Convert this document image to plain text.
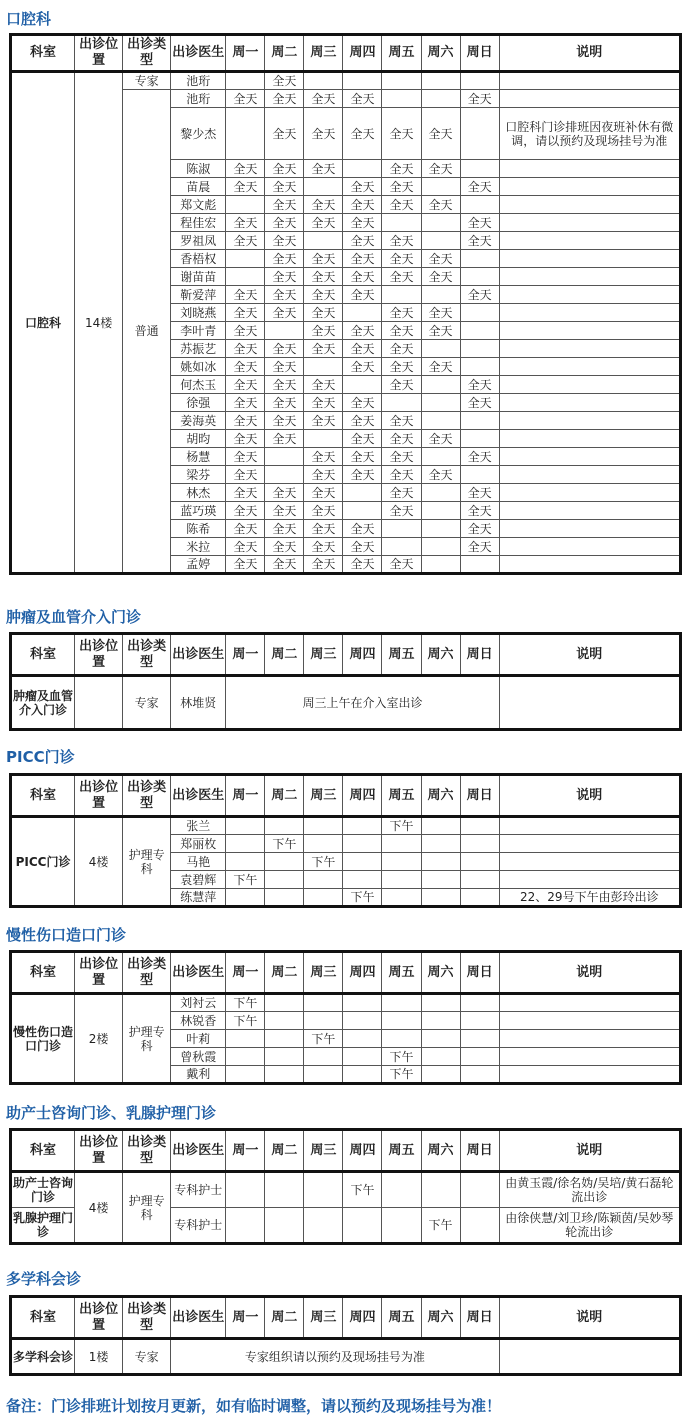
口腔科
科室	出诊位置	出诊类型	出诊医生	周一	周二	周三	周四	周五	周六	周日	说明
口腔科	14楼	专家	池珩		全天						
		普通	池珩	全天	全天	全天	全天			全天	
			黎少杰		全天	全天	全天	全天	全天		口腔科门诊排班因夜班补休有微调，请以预约及现场挂号为准
			陈淑	全天	全天	全天		全天	全天		
			苗晨	全天	全天		全天	全天		全天	
			郑文彪		全天	全天	全天	全天	全天		
			程佳宏	全天	全天	全天	全天			全天	
			罗祖凤	全天	全天		全天	全天		全天	
			香梧权		全天	全天	全天	全天	全天		
			谢苗苗		全天	全天	全天	全天	全天		
			靳爱萍	全天	全天	全天	全天			全天	
			刘晓燕	全天	全天	全天		全天	全天		
			李叶青	全天		全天	全天	全天	全天		
			苏振艺	全天	全天	全天	全天	全天			
			姚如冰	全天	全天		全天	全天	全天		
			何杰玉	全天	全天	全天		全天		全天	
			徐强	全天	全天	全天	全天			全天	
			姜海英	全天	全天	全天	全天	全天			
			胡昀	全天	全天		全天	全天	全天		
			杨慧	全天		全天	全天	全天		全天	
			梁芬	全天		全天	全天	全天	全天		
			林杰	全天	全天	全天		全天		全天	
			蓝巧瑛	全天	全天	全天		全天		全天	
			陈希	全天	全天	全天	全天			全天	
			米拉	全天	全天	全天	全天			全天	
			孟婷	全天	全天	全天	全天	全天			
肿瘤及血管介入门诊
科室	出诊位置	出诊类型	出诊医生	周一	周二	周三	周四	周五	周六	周日	说明
肿瘤及血管介入门诊		专家	林堆贤	周三上午在介入室出诊							
PICC门诊
科室	出诊位置	出诊类型	出诊医生	周一	周二	周三	周四	周五	周六	周日	说明
PICC门诊	4楼	护理专科	张兰					下午			
			郑丽枚		下午						
			马艳			下午					
			袁碧辉	下午							
			练慧萍				下午				22、29号下午由彭玲出诊
慢性伤口造口门诊
科室	出诊位置	出诊类型	出诊医生	周一	周二	周三	周四	周五	周六	周日	说明
慢性伤口造口门诊	2楼	护理专科	刘衬云	下午							
			林锐香	下午							
			叶莉			下午					
			曾秋霞					下午			
			戴利					下午			
助产士咨询门诊、乳腺护理门诊
科室	出诊位置	出诊类型	出诊医生	周一	周二	周三	周四	周五	周六	周日	说明
助产士咨询门诊	4楼	护理专科	专科护士				下午				由黄玉霞/徐名妫/吴培/黄石磊轮流出诊
乳腺护理门诊			专科护士						下午		由徐侠慧/刘卫珍/陈颖茵/吴妙琴轮流出诊
多学科会诊
科室	出诊位置	出诊类型	出诊医生	周一	周二	周三	周四	周五	周六	周日	说明
多学科会诊	1楼	专家	专家组织请以预约及现场挂号为准								
备注：门诊排班计划按月更新，如有临时调整，请以预约及现场挂号为准！
